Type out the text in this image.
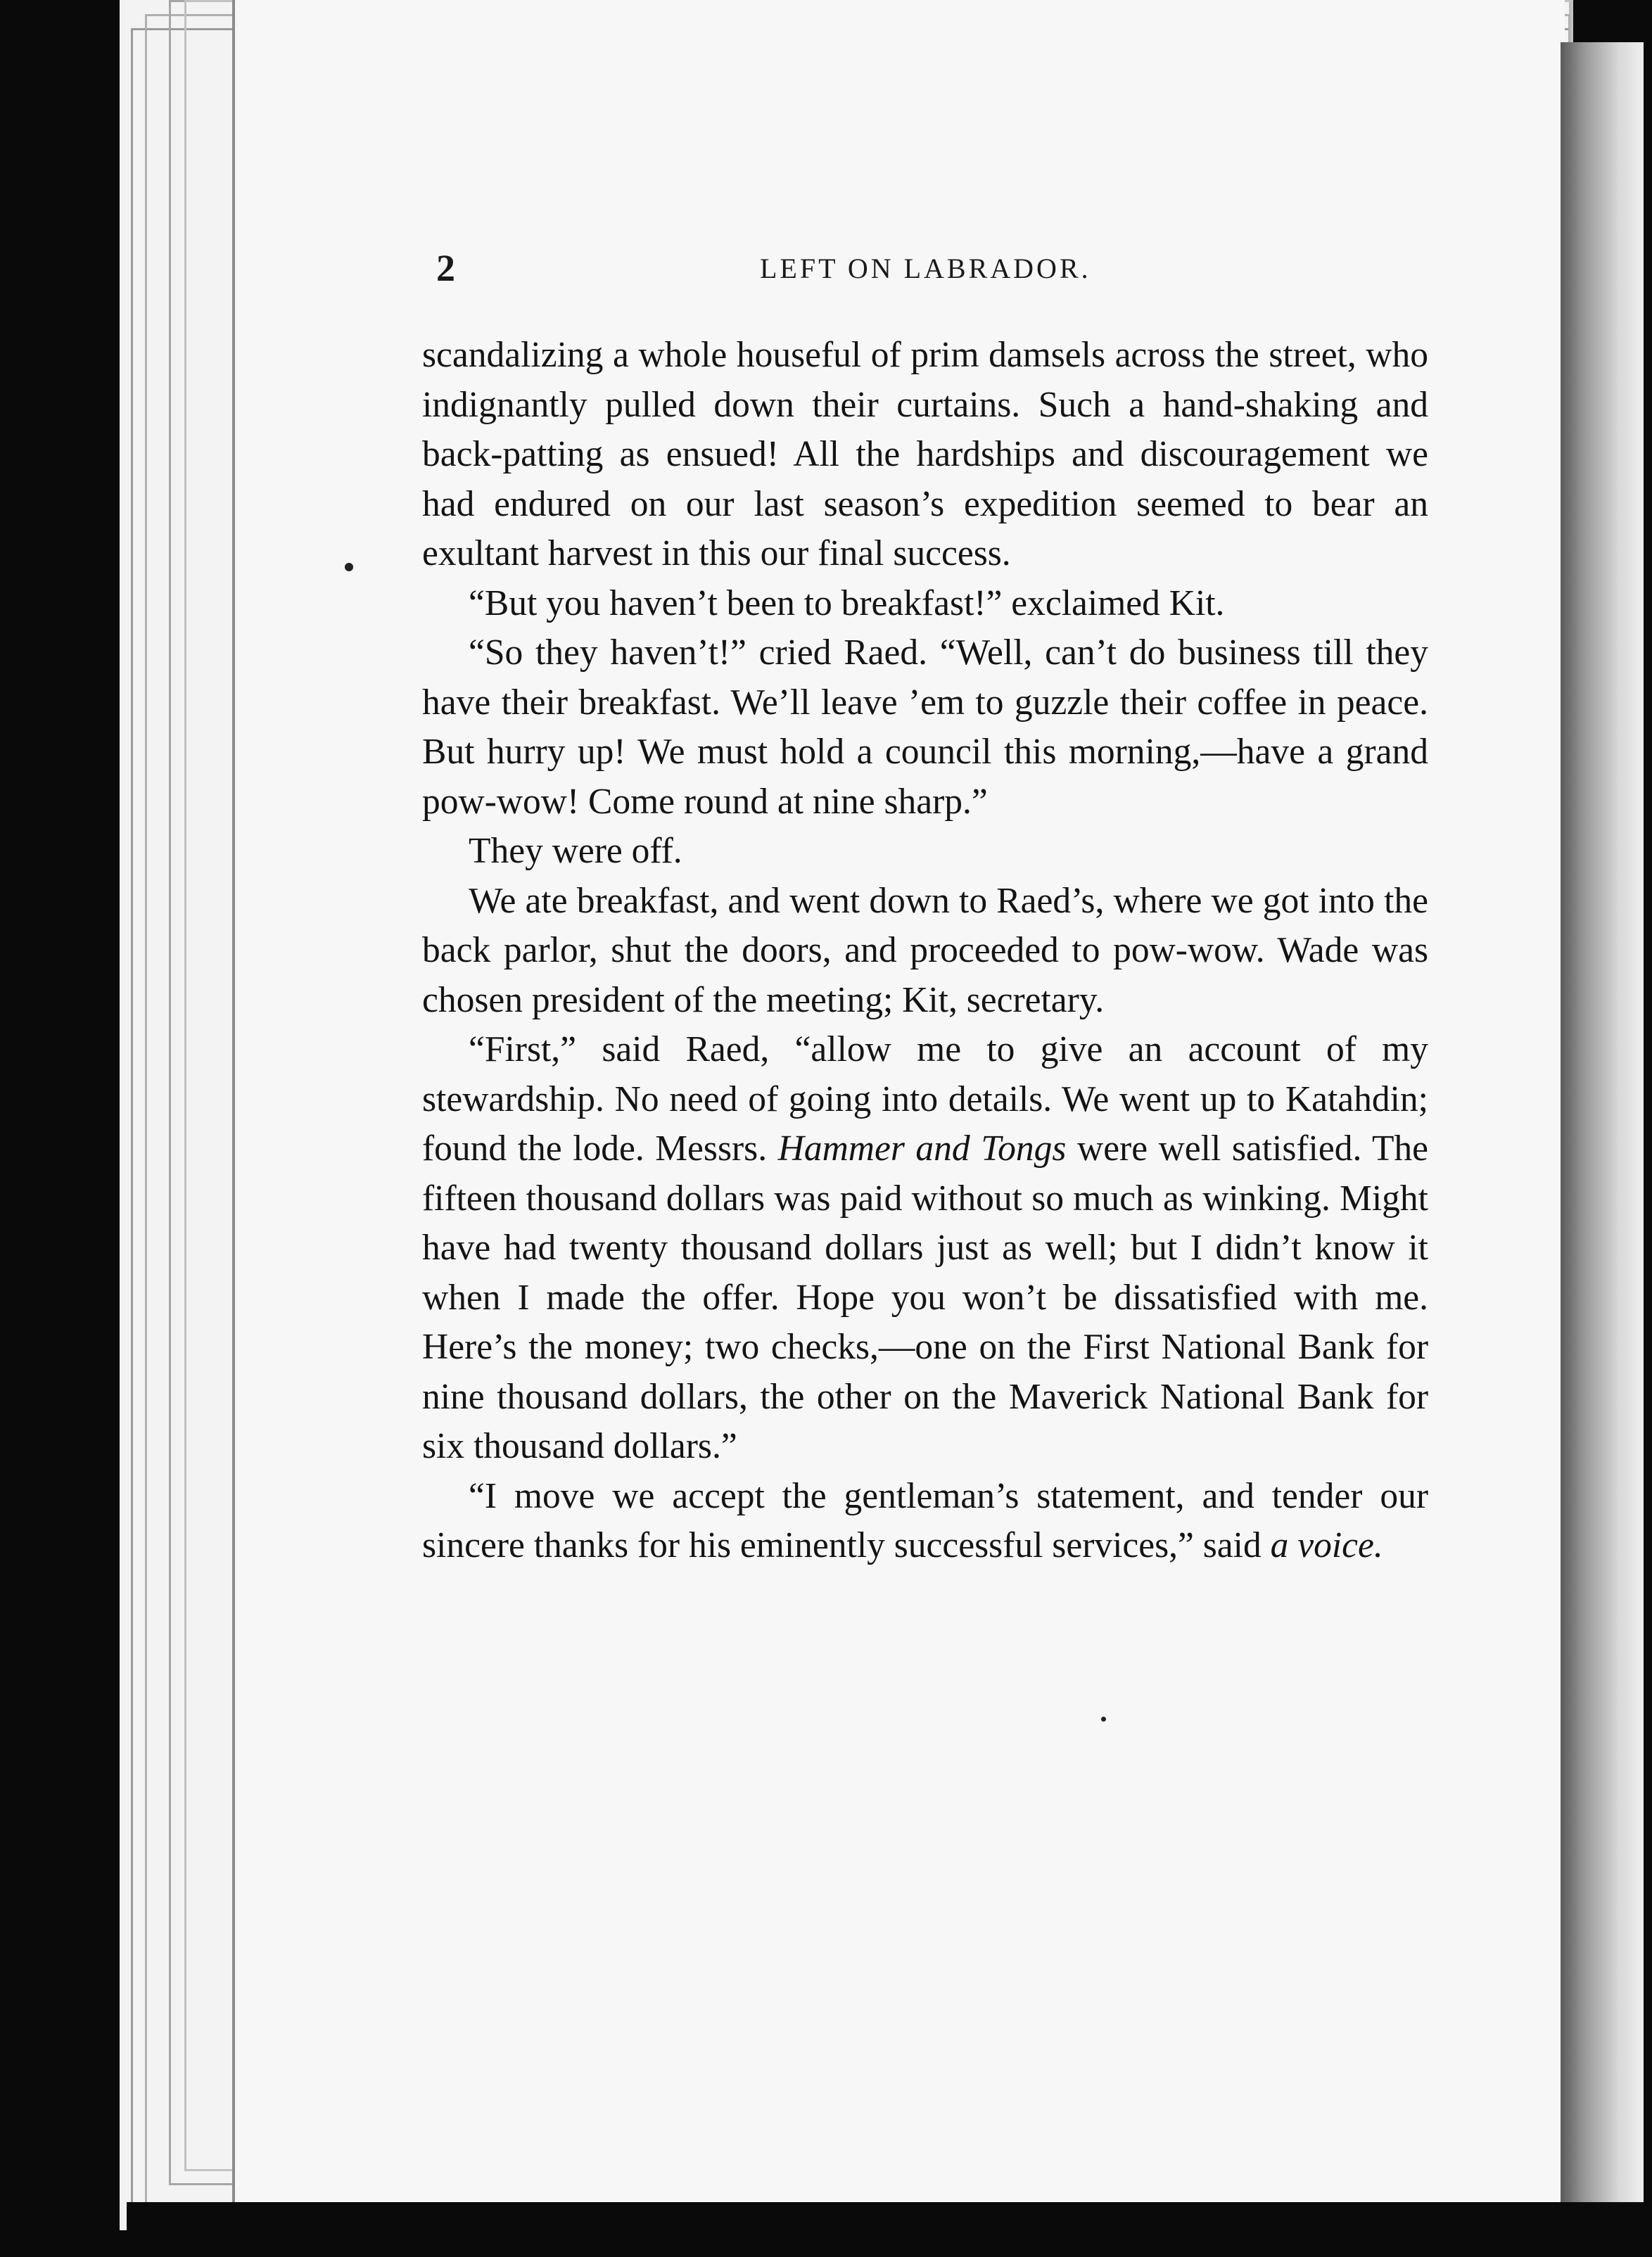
2	LEFT ON LABRADOR.

scandalizing a whole houseful of prim damsels across the street, who indignantly pulled down their curtains. Such a hand-shaking and back-patting as ensued! All the hardships and discouragement we had endured on our last season’s expedition seemed to bear an exultant harvest in this our final success.

“But you haven’t been to breakfast!” exclaimed Kit.

“So they haven’t!” cried Raed. “Well, can’t do business till they have their breakfast. We’ll leave ’em to guzzle their coffee in peace. But hurry up! We must hold a council this morning,—have a grand pow-wow! Come round at nine sharp.”

They were off.

We ate breakfast, and went down to Raed’s, where we got into the back parlor, shut the doors, and proceeded to pow-wow. Wade was chosen president of the meeting; Kit, secretary.

“First,” said Raed, “allow me to give an account of my stewardship. No need of going into details. We went up to Katahdin; found the lode. Messrs. Hammer and Tongs were well satisfied. The fifteen thousand dollars was paid without so much as winking. Might have had twenty thousand dollars just as well; but I didn’t know it when I made the offer. Hope you won’t be dissatisfied with me. Here’s the money; two checks,—one on the First National Bank for nine thousand dollars, the other on the Maverick National Bank for six thousand dollars.”

“I move we accept the gentleman’s statement, and tender our sincere thanks for his eminently successful services,” said a voice.
